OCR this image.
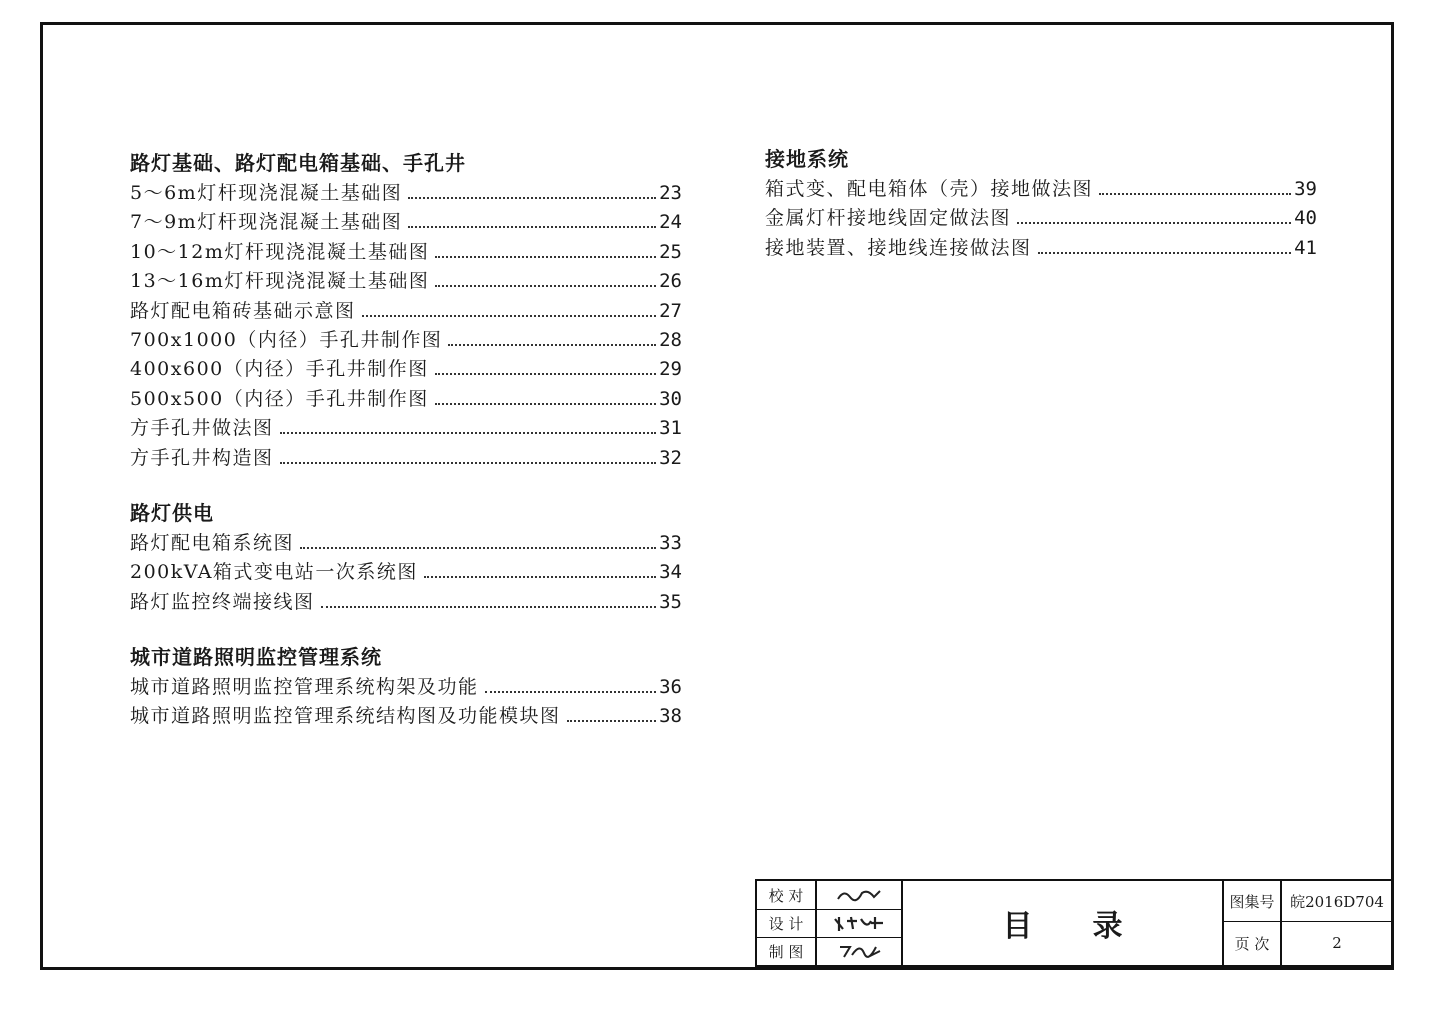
路灯基础、路灯配电箱基础、手孔井
5～6m灯杆现浇混凝土基础图	23
7～9m灯杆现浇混凝土基础图	24
10～12m灯杆现浇混凝土基础图	25
13～16m灯杆现浇混凝土基础图	26
路灯配电箱砖基础示意图	27
700x1000（内径）手孔井制作图	28
400x600（内径）手孔井制作图	29
500x500（内径）手孔井制作图	30
方手孔井做法图	31
方手孔井构造图	32
路灯供电
路灯配电箱系统图	33
200kVA箱式变电站一次系统图	34
路灯监控终端接线图	35
城市道路照明监控管理系统
城市道路照明监控管理系统构架及功能	36
城市道路照明监控管理系统结构图及功能模块图	38
接地系统
箱式变、配电箱体（壳）接地做法图	39
金属灯杆接地线固定做法图	40
接地装置、接地线连接做法图	41
校 对
设 计
制 图
目录
图集号	皖2016D704
页 次	2
